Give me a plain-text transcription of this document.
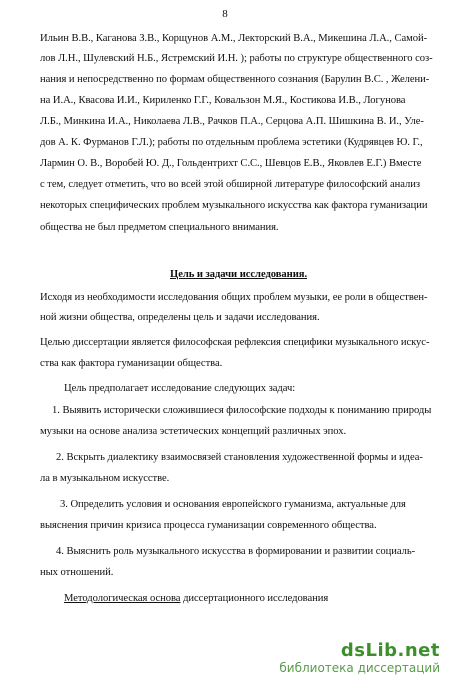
8
Ильин В.В., Каганова З.В., Корщунов А.М., Лекторский В.А., Микешина Л.А., Самой-
лов Л.Н., Шулевский Н.Б., Ястремский И.Н. ); работы по структуре общественного соз-
нания и непосредственно по формам общественного сознания (Барулин В.С. , Желени-
на И.А., Квасова И.И., Кириленко Г.Г., Ковальзон М.Я., Костикова И.В., Логунова
Л.Б., Минкина И.А., Николаева Л.В., Рачков П.А., Серцова А.П. Шишкина В. И., Уле-
дов А. К. Фурманов Г.Л.); работы по отдельным проблема эстетики (Кудрявцев Ю. Г.,
Лармин О. В., Воробей Ю. Д., Гольдентрихт С.С., Шевцов Е.В., Яковлев Е.Г.) Вместе
с тем, следует отметить, что во всей этой обширной литературе философский анализ
некоторых специфических проблем музыкального искусства как фактора гуманизации
общества не был предметом специального внимания.
Цель и задачи исследования.
Исходя из необходимости исследования общих проблем музыки, ее роли в обществен-
ной жизни общества, определены цель и задачи исследования.
Целью диссертации является философская рефлексия специфики музыкального искус-
ства как фактора гуманизации общества.
Цель предполагает исследование следующих задач:
1. Выявить исторически сложившиеся философские подходы к пониманию природы
музыки на основе анализа эстетических концепций различных эпох.
2. Вскрыть диалектику взаимосвязей становления художественной формы и идеа-
ла в музыкальном искусстве.
3. Определить условия и основания европейского гуманизма, актуальные для
выяснения причин кризиса процесса гуманизации современного общества.
4. Выяснить роль музыкального искусства в формировании и развитии социаль-
ных отношений.
Методологическая основа диссертационного исследования
dsLib.net
библиотека диссертаций
